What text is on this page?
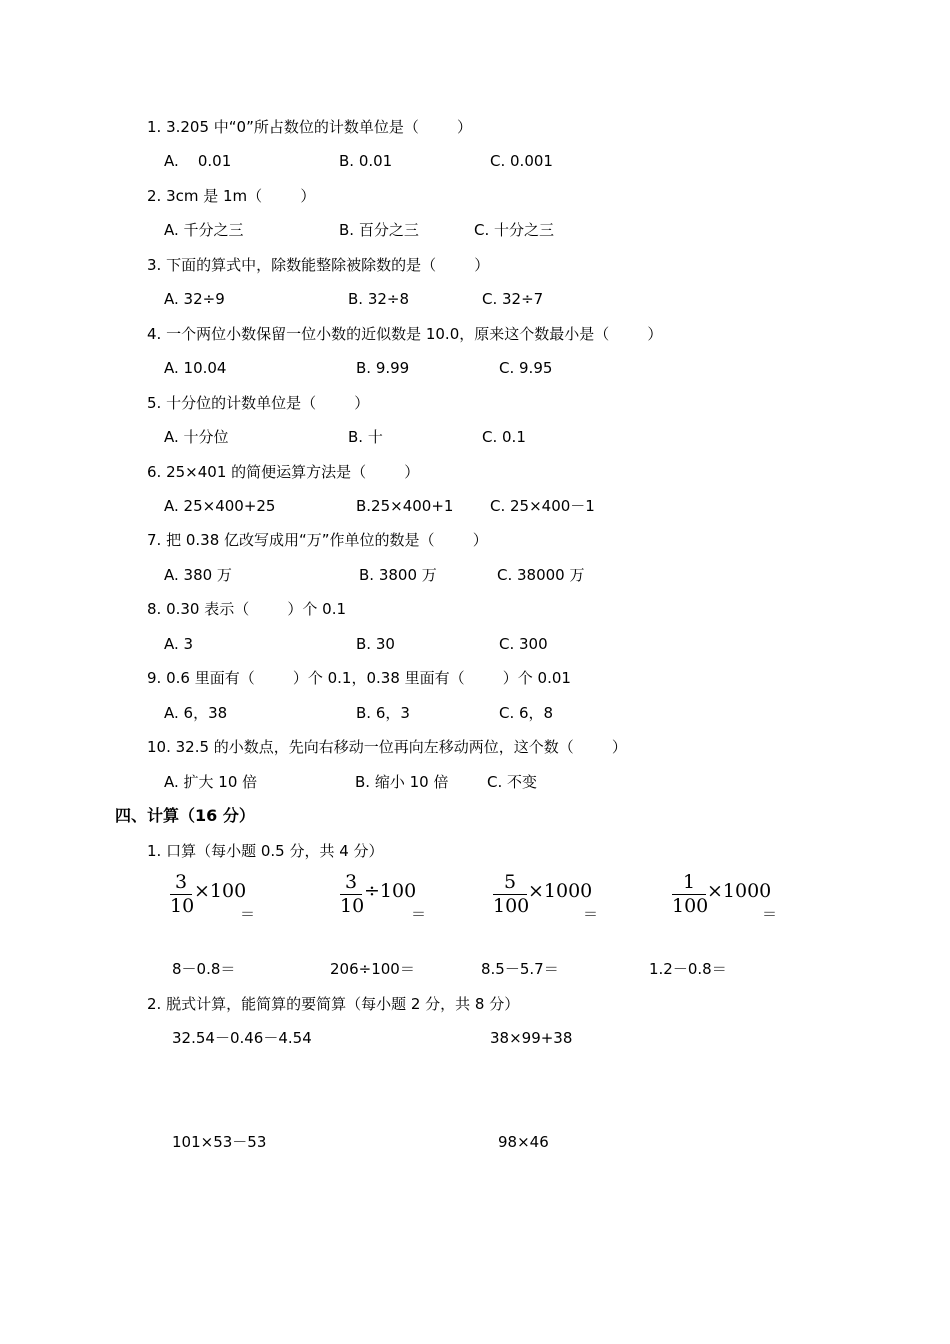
1. 3.205 中“0”所占数位的计数单位是（        ）
A.    0.01	B. 0.01	C. 0.001
2. 3cm 是 1m（        ）
A. 千分之三	B. 百分之三	C. 十分之三
3. 下面的算式中，除数能整除被除数的是（        ）
A. 32÷9	B. 32÷8	C. 32÷7
4. 一个两位小数保留一位小数的近似数是 10.0，原来这个数最小是（        ）
A. 10.04	B. 9.99	C. 9.95
5. 十分位的计数单位是（        ）
A. 十分位	B. 十	C. 0.1
6. 25×401 的简便运算方法是（        ）
A. 25×400+25	B.25×400+1 C. 25×400－1
7. 把 0.38 亿改写成用“万”作单位的数是（        ）
A. 380 万	B. 3800 万	C. 38000 万
8. 0.30 表示（        ）个 0.1
A. 3	B. 30	C. 300
9. 0.6 里面有（        ）个 0.1，0.38 里面有（        ）个 0.01
A. 6，38	B. 6，3	C. 6，8
10. 32.5 的小数点，先向右移动一位再向左移动两位，这个数（        ）
A. 扩大 10 倍	B. 缩小 10 倍	C. 不变
四、计算（16 分）
1. 口算（每小题 0.5 分，共 4 分）
3
10
×100
＝
3
10
÷100
＝
5
100
×1000
＝
1
100
×1000
＝
8－0.8＝	206÷100＝	8.5－5.7＝	1.2－0.8＝
2. 脱式计算，能简算的要简算（每小题 2 分，共 8 分）
32.54－0.46－4.54	38×99+38
101×53－53	98×46
